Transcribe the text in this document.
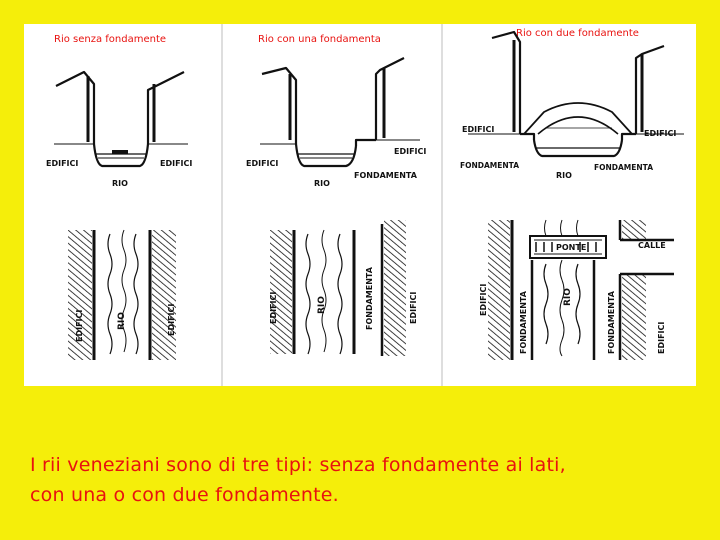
Rio senza fondamente
EDIFICI	EDIFICI
RIO
EDIFICI	RIO	EDIFICI
Rio con una fondamenta
EDIFICI
EDIFICI
RIO
FONDAMENTA
EDIFICI	RIO	FONDAMENTA	EDIFICI
Rio con due fondamente
EDIFICI	EDIFICI
FONDAMENTA
RIO
FONDAMENTA
EDIFICI	FONDAMENTA	RIO	FONDAMENTA	EDIFICI
PONTE	CALLE
I rii veneziani sono di tre tipi: senza fondamente ai lati,
con una o con due fondamente.
